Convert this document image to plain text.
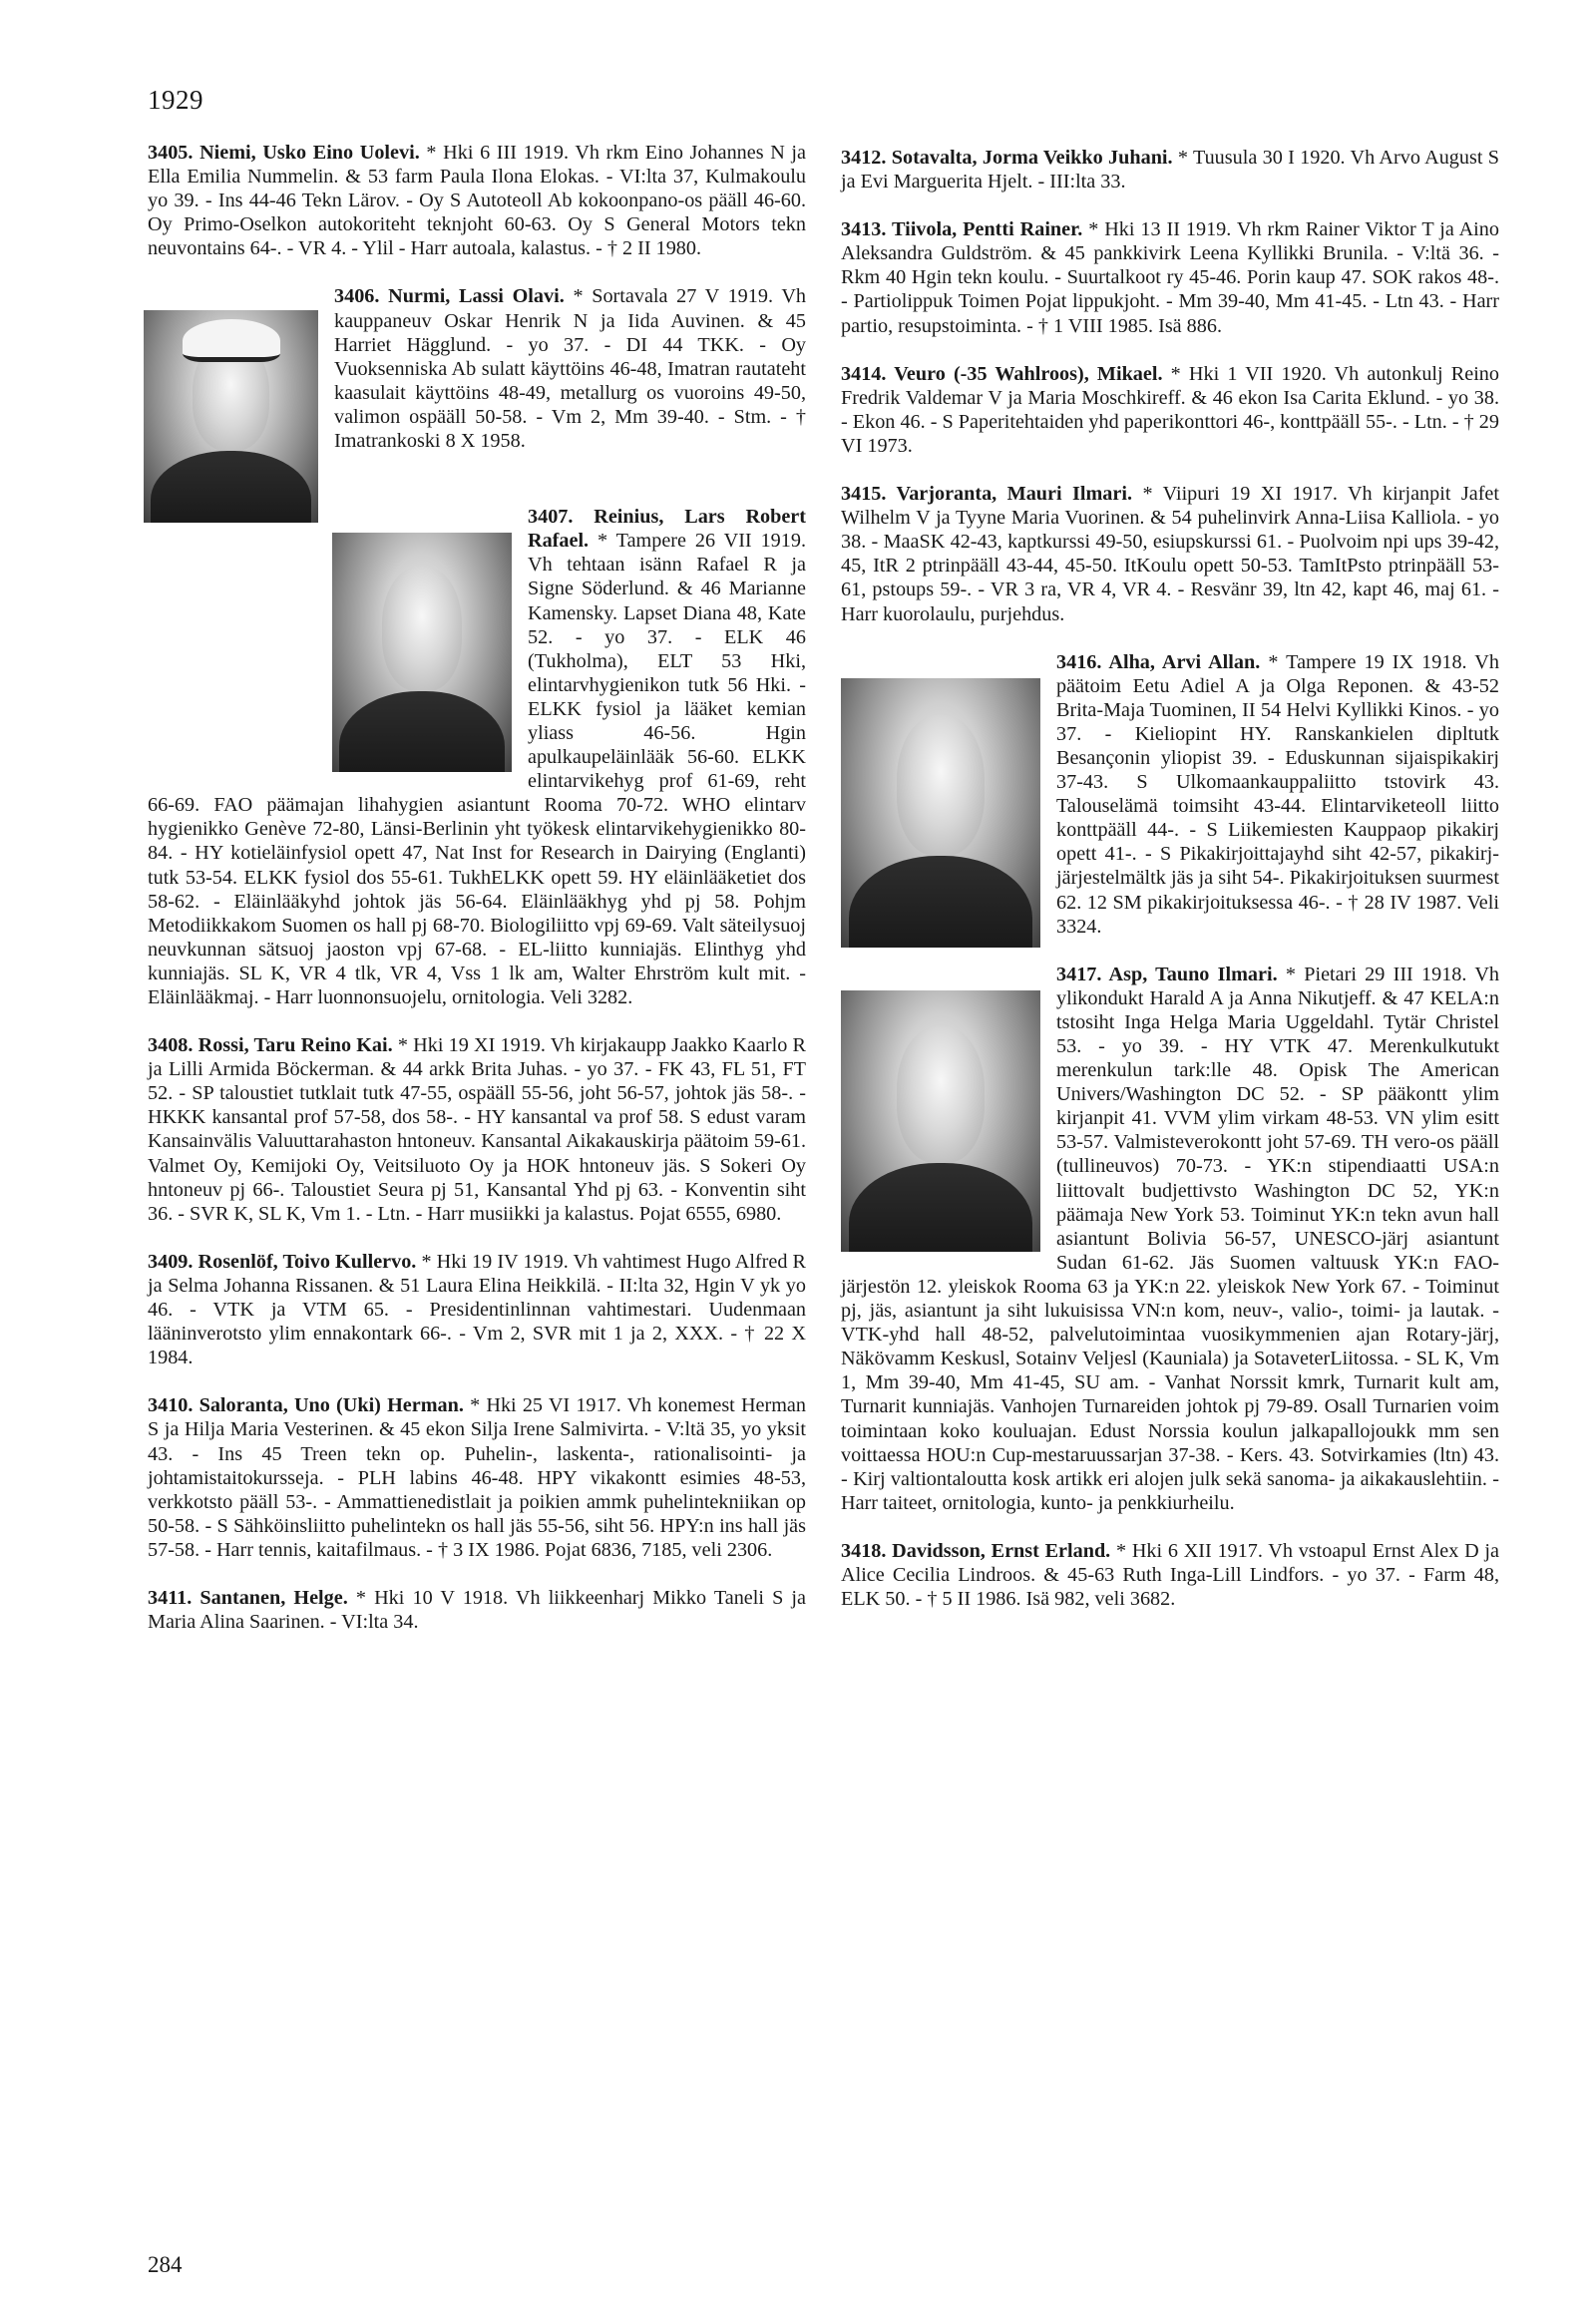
1929

3405. Niemi, Usko Eino Uolevi. * Hki 6 III 1919. Vh rkm Eino Johannes N ja Ella Emilia Nummelin. & 53 farm Paula Ilona Elokas. - VI:lta 37, Kulmakoulu yo 39. - Ins 44-46 Tekn Lärov. - Oy S Autoteoll Ab kokoonpano-os pääll 46-60. Oy Primo-Oselkon autokoriteht teknjoht 60-63. Oy S General Motors tekn neuvontains 64-. - VR 4. - Ylil - Harr autoala, kalastus. - † 2 II 1980.

3406. Nurmi, Lassi Olavi. * Sortavala 27 V 1919. Vh kauppaneuv Oskar Henrik N ja Iida Auvinen. & 45 Harriet Hägglund. - yo 37. - DI 44 TKK. - Oy Vuoksenniska Ab sulatt käyttöins 46-48, Imatran rautateht kaasulait käyttöins 48-49, metallurg os vuoroins 49-50, valimon ospääll 50-58. - Vm 2, Mm 39-40. - Stm. - † Imatrankoski 8 X 1958.

3407. Reinius, Lars Robert Rafael. * Tampere 26 VII 1919. Vh tehtaan isänn Rafael R ja Signe Söderlund. & 46 Marianne Kamensky. Lapset Diana 48, Kate 52. - yo 37. - ELK 46 (Tukholma), ELT 53 Hki, elintarvhygienikon tutk 56 Hki. - ELKK fysiol ja lääket kemian yliass 46-56. Hgin apulkaupeläinlääk 56-60. ELKK elintarvikehyg prof 61-69, reht 66-69. FAO päämajan lihahygien asiantunt Rooma 70-72. WHO elintarv hygienikko Genève 72-80, Länsi-Berlinin yht työkesk elintarvikehygienikko 80-84. - HY kotieläinfysiol opett 47, Nat Inst for Research in Dairying (Englanti) tutk 53-54. ELKK fysiol dos 55-61. TukhELKK opett 59. HY eläinlääketiet dos 58-62. - Eläinlääkyhd johtok jäs 56-64. Eläinlääkhyg yhd pj 58. Pohjm Metodiikkakom Suomen os hall pj 68-70. Biologiliitto vpj 69-69. Valt säteilysuoj neuvkunnan sätsuoj jaoston vpj 67-68. - EL-liitto kunniajäs. Elinthyg yhd kunniajäs. SL K, VR 4 tlk, VR 4, Vss 1 lk am, Walter Ehrström kult mit. - Eläinlääkmaj. - Harr luonnonsuojelu, ornitologia. Veli 3282.

3408. Rossi, Taru Reino Kai. * Hki 19 XI 1919. Vh kirjakaupp Jaakko Kaarlo R ja Lilli Armida Böckerman. & 44 arkk Brita Juhas. - yo 37. - FK 43, FL 51, FT 52. - SP taloustiet tutklait tutk 47-55, ospääll 55-56, joht 56-57, johtok jäs 58-. - HKKK kansantal prof 57-58, dos 58-. - HY kansantal va prof 58. S edust varam Kansainvälis Valuuttarahaston hntoneuv. Kansantal Aikakauskirja päätoim 59-61. Valmet Oy, Kemijoki Oy, Veitsiluoto Oy ja HOK hntoneuv jäs. S Sokeri Oy hntoneuv pj 66-. Taloustiet Seura pj 51, Kansantal Yhd pj 63. - Konventin siht 36. - SVR K, SL K, Vm 1. - Ltn. - Harr musiikki ja kalastus. Pojat 6555, 6980.

3409. Rosenlöf, Toivo Kullervo. * Hki 19 IV 1919. Vh vahtimest Hugo Alfred R ja Selma Johanna Rissanen. & 51 Laura Elina Heikkilä. - II:lta 32, Hgin V yk yo 46. - VTK ja VTM 65. - Presidentinlinnan vahtimestari. Uudenmaan lääninverotsto ylim ennakontark 66-. - Vm 2, SVR mit 1 ja 2, XXX. - † 22 X 1984.

3410. Saloranta, Uno (Uki) Herman. * Hki 25 VI 1917. Vh konemest Herman S ja Hilja Maria Vesterinen. & 45 ekon Silja Irene Salmivirta. - V:ltä 35, yo yksit 43. - Ins 45 Treen tekn op. Puhelin-, laskenta-, rationalisointi- ja johtamistaitokursseja. - PLH labins 46-48. HPY vikakontt esimies 48-53, verkkotsto pääll 53-. - Ammattienedistlait ja poikien ammk puhelintekniikan op 50-58. - S Sähköinsliitto puhelintekn os hall jäs 55-56, siht 56. HPY:n ins hall jäs 57-58. - Harr tennis, kaitafilmaus. - † 3 IX 1986. Pojat 6836, 7185, veli 2306.

3411. Santanen, Helge. * Hki 10 V 1918. Vh liikkeenharj Mikko Taneli S ja Maria Alina Saarinen. - VI:lta 34.

3412. Sotavalta, Jorma Veikko Juhani. * Tuusula 30 I 1920. Vh Arvo August S ja Evi Marguerita Hjelt. - III:lta 33.

3413. Tiivola, Pentti Rainer. * Hki 13 II 1919. Vh rkm Rainer Viktor T ja Aino Aleksandra Guldström. & 45 pankkivirk Leena Kyllikki Brunila. - V:ltä 36. - Rkm 40 Hgin tekn koulu. - Suurtalkoot ry 45-46. Porin kaup 47. SOK rakos 48-. - Partiolippuk Toimen Pojat lippukjoht. - Mm 39-40, Mm 41-45. - Ltn 43. - Harr partio, resupstoiminta. - † 1 VIII 1985. Isä 886.

3414. Veuro (-35 Wahlroos), Mikael. * Hki 1 VII 1920. Vh autonkulj Reino Fredrik Valdemar V ja Maria Moschkireff. & 46 ekon Isa Carita Eklund. - yo 38. - Ekon 46. - S Paperitehtaiden yhd paperikonttori 46-, konttpääll 55-. - Ltn. - † 29 VI 1973.

3415. Varjoranta, Mauri Ilmari. * Viipuri 19 XI 1917. Vh kirjanpit Jafet Wilhelm V ja Tyyne Maria Vuorinen. & 54 puhelinvirk Anna-Liisa Kalliola. - yo 38. - MaaSK 42-43, kaptkurssi 49-50, esiupskurssi 61. - Puolvoim npi ups 39-42, 45, ItR 2 ptrinpääll 43-44, 45-50. ItKoulu opett 50-53. TamItPsto ptrinpääll 53-61, pstoups 59-. - VR 3 ra, VR 4, VR 4. - Resvänr 39, ltn 42, kapt 46, maj 61. - Harr kuorolaulu, purjehdus.

3416. Alha, Arvi Allan. * Tampere 19 IX 1918. Vh päätoim Eetu Adiel A ja Olga Reponen. & 43-52 Brita-Maja Tuominen, II 54 Helvi Kyllikki Kinos. - yo 37. - Kieliopint HY. Ranskankielen dipltutk Besançonin yliopist 39. - Eduskunnan sijaispikakirj 37-43. S Ulkomaankauppaliitto tstovirk 43. Talouselämä toimsiht 43-44. Elintarviketeoll liitto konttpääll 44-. - S Liikemiesten Kauppaop pikakirj opett 41-. - S Pikakirjoittajayhd siht 42-57, pikakirj-järjestelmältk jäs ja siht 54-. Pikakirjoituksen suurmest 62. 12 SM pikakirjoituksessa 46-. - † 28 IV 1987. Veli 3324.

3417. Asp, Tauno Ilmari. * Pietari 29 III 1918. Vh ylikondukt Harald A ja Anna Nikutjeff. & 47 KELA:n tstosiht Inga Helga Maria Uggeldahl. Tytär Christel 53. - yo 39. - HY VTK 47. Merenkulkutukt merenkulun tark:lle 48. Opisk The American Univers/Washington DC 52. - SP pääkontt ylim kirjanpit 41. VVM ylim virkam 48-53. VN ylim esitt 53-57. Valmisteverokontt joht 57-69. TH vero-os pääll (tullineuvos) 70-73. - YK:n stipendiaatti USA:n liittovalt budjettivsto Washington DC 52, YK:n päämaja New York 53. Toiminut YK:n tekn avun hall asiantunt Bolivia 56-57, UNESCO-järj asiantunt Sudan 61-62. Jäs Suomen valtuusk YK:n FAO-järjestön 12. yleiskok Rooma 63 ja YK:n 22. yleiskok New York 67. - Toiminut pj, jäs, asiantunt ja siht lukuisissa VN:n kom, neuv-, valio-, toimi- ja lautak. - VTK-yhd hall 48-52, palvelutoimintaa vuosikymmenien ajan Rotary-järj, Näkövamm Keskusl, Sotainv Veljesl (Kauniala) ja SotaveterLiitossa. - SL K, Vm 1, Mm 39-40, Mm 41-45, SU am. - Vanhat Norssit kmrk, Turnarit kult am, Turnarit kunniajäs. Vanhojen Turnareiden johtok pj 79-89. Osall Turnarien voim toimintaan koko kouluajan. Edust Norssia koulun jalkapallojoukk mm sen voittaessa HOU:n Cup-mestaruussarjan 37-38. - Kers. 43. Sotvirkamies (ltn) 43. - Kirj valtiontaloutta kosk artikk eri alojen julk sekä sanoma- ja aikakauslehtiin. - Harr taiteet, ornitologia, kunto- ja penkkiurheilu.

3418. Davidsson, Ernst Erland. * Hki 6 XII 1917. Vh vstoapul Ernst Alex D ja Alice Cecilia Lindroos. & 45-63 Ruth Inga-Lill Lindfors. - yo 37. - Farm 48, ELK 50. - † 5 II 1986. Isä 982, veli 3682.

284
